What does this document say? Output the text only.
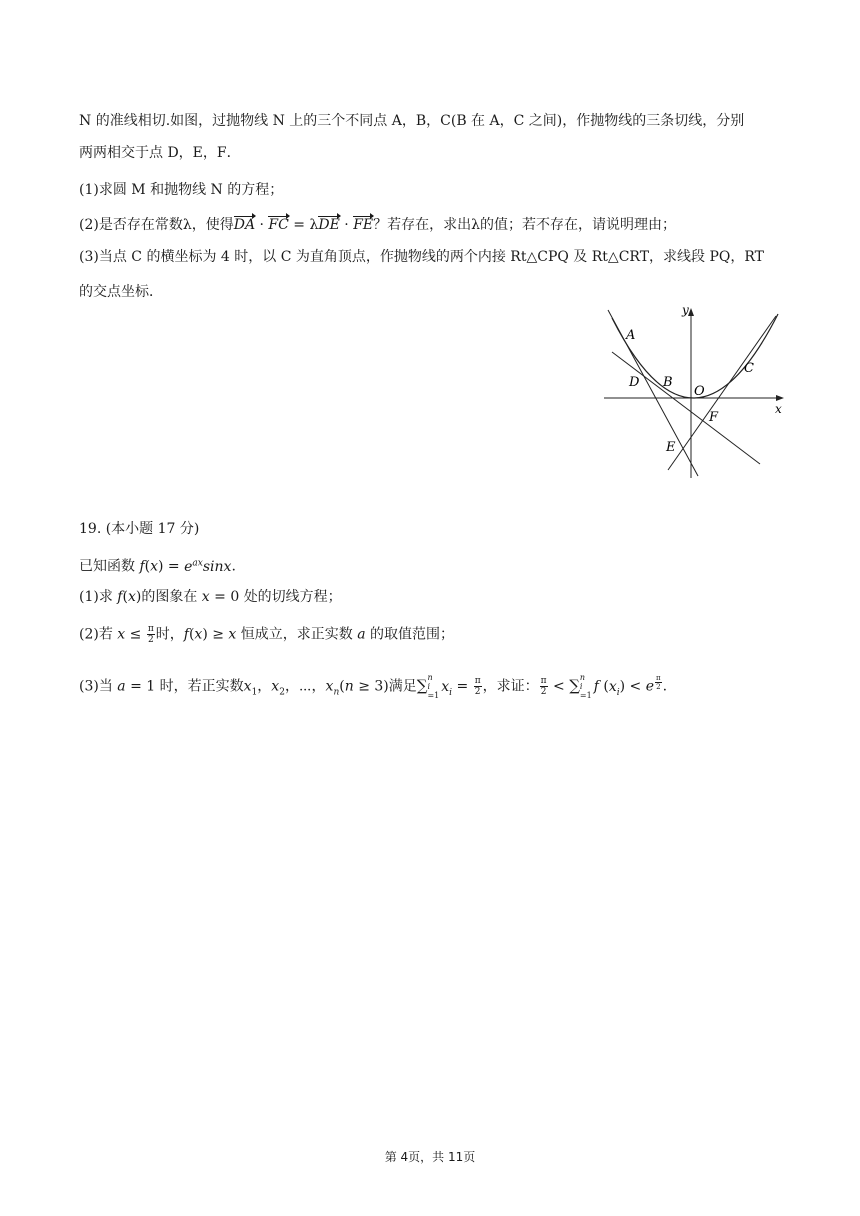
N 的准线相切.如图，过抛物线 N 上的三个不同点 A，B，C(B 在 A，C 之间)，作抛物线的三条切线，分别
两两相交于点 D，E，F．
(1)求圆 M 和抛物线 N 的方程；
(2)是否存在常数λ，使得DA · FC = λDE · FE？若存在，求出λ的值；若不存在，请说明理由；
(3)当点 C 的横坐标为 4 时，以 C 为直角顶点，作抛物线的两个内接 Rt△CPQ 及 Rt△CRT，求线段 PQ，RT
的交点坐标．
y
x
A
B
C
D
E
F
O
19. (本小题 17 分)
已知函数 $f(x) = e^{ax}\sin x$.
(1)求 f(x)的图象在 x = 0 处的切线方程；
(2)若 $x \le \frac{\pi}{2}$ 时，f(x) ≥ x 恒成立，求正实数 a 的取值范围；
(3)当 a = 1 时，若正实数$x_1$，$x_2$，⋯，$x_n(n \ge 3)$满足∑ n
i
=1
$x_i = \frac{\pi}{2}$ ，求证： $\frac{\pi}{2}$ < ∑ n
i
=1
f $(x_i) < e$ $^{\frac{\pi}{2}}$ .
第 4页，共 11页
